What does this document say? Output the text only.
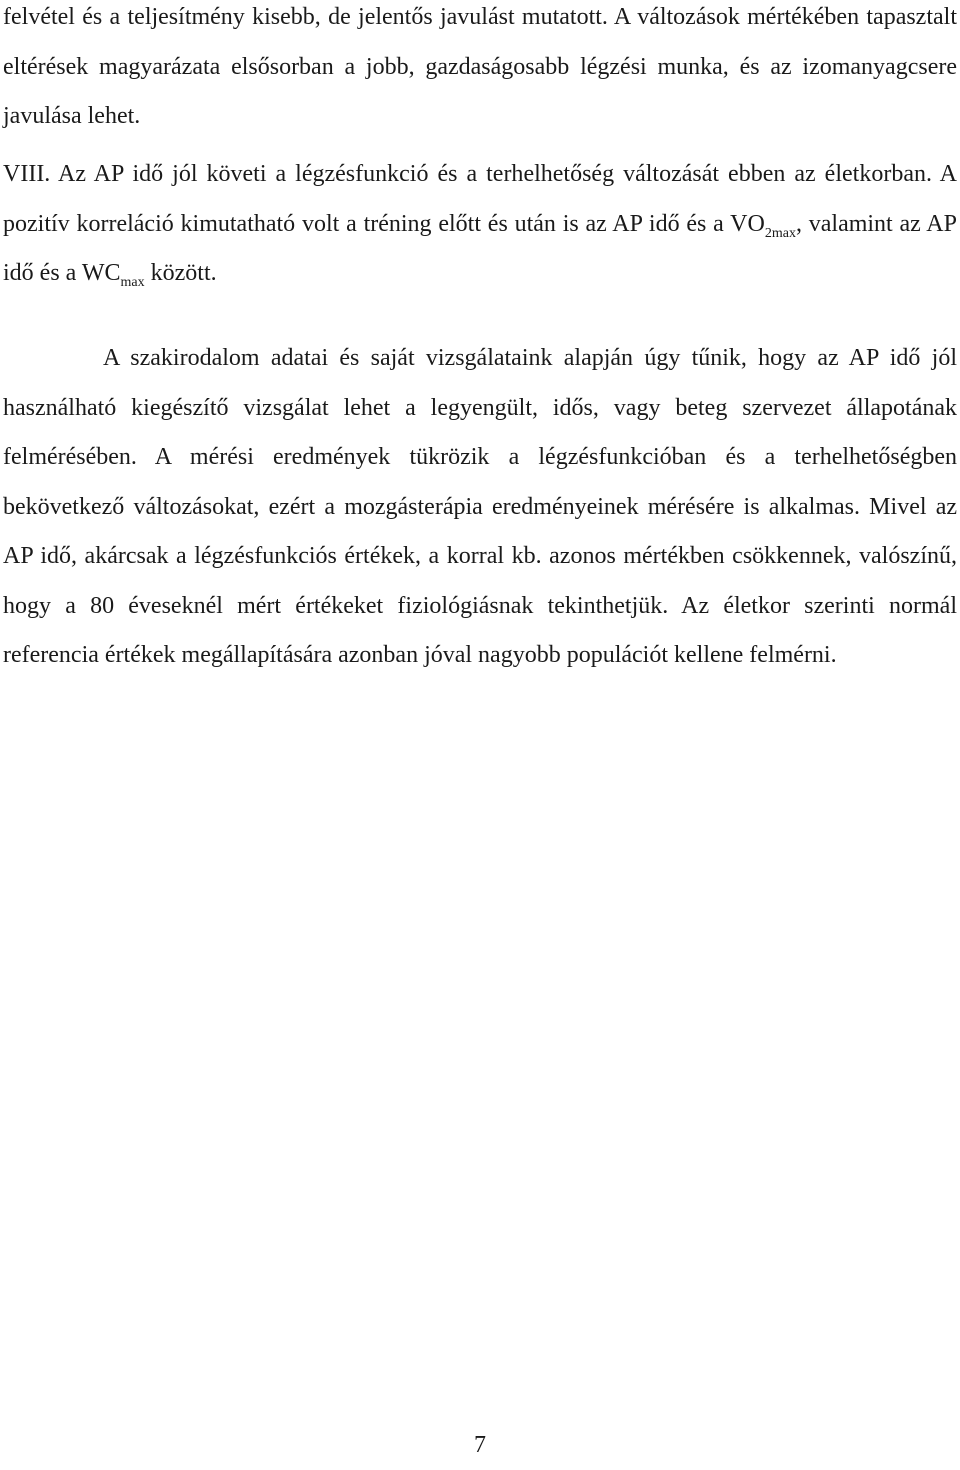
felvétel és a teljesítmény kisebb, de jelentős javulást mutatott. A változások mértékében tapasztalt eltérések magyarázata elsősorban a jobb, gazdaságosabb légzési munka, és az izomanyagcsere javulása lehet.

VIII. Az AP idő jól követi a légzésfunkció és a terhelhetőség változását ebben az életkorban. A pozitív korreláció kimutatható volt a tréning előtt és után is az AP idő és a $VO_{2max}$, valamint az AP idő és a $WC_{max}$ között.

A szakirodalom adatai és saját vizsgálataink alapján úgy tűnik, hogy az AP idő jól használható kiegészítő vizsgálat lehet a legyengült, idős, vagy beteg szervezet állapotának felmérésében. A mérési eredmények tükrözik a légzésfunkcióban és a terhelhetőségben bekövetkező változásokat, ezért a mozgásterápia eredményeinek mérésére is alkalmas. Mivel az AP idő, akárcsak a légzésfunkciós értékek, a korral kb. azonos mértékben csökkennek, valószínű, hogy a 80 éveseknél mért értékeket fiziológiásnak tekinthetjük. Az életkor szerinti normál referencia értékek megállapítására azonban jóval nagyobb populációt kellene felmérni.

7
